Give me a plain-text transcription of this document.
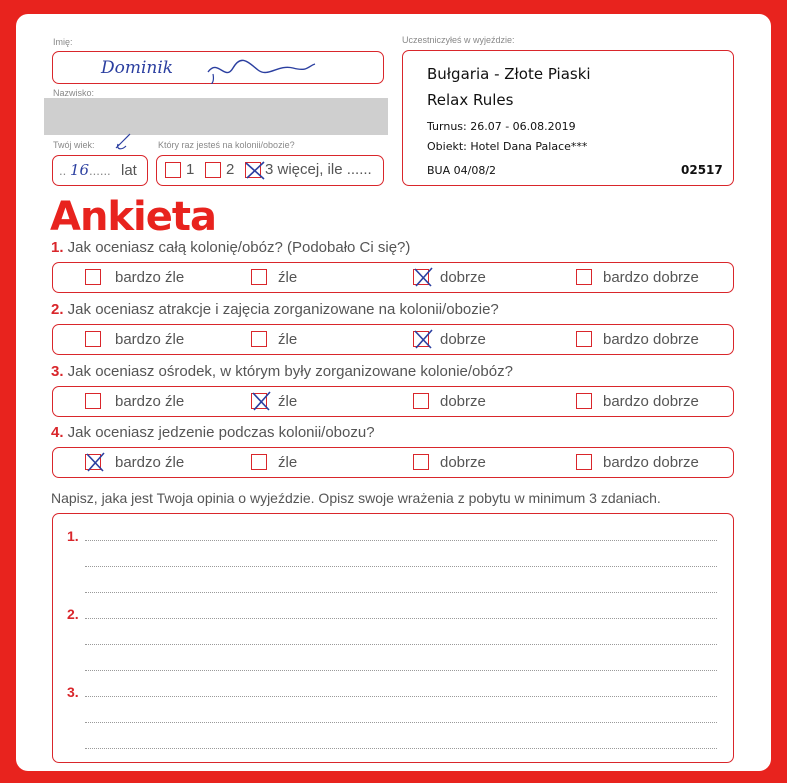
Imię:
Dominik
Nazwisko:
Twój wiek:
.. 16 ...... lat
Który raz jesteś na kolonii/obozie?
1 2 3 więcej, ile ......
Uczestniczyłeś w wyjeździe:
Bułgaria - Złote Piaski
Relax Rules
Turnus: 26.07 - 06.08.2019
Obiekt: Hotel Dana Palace***
BUA 04/08/2	02517
Ankieta
1. Jak oceniasz całą kolonię/obóz? (Podobało Ci się?)
bardzo źle	źle	dobrze	bardzo dobrze
2. Jak oceniasz atrakcje i zajęcia zorganizowane na kolonii/obozie?
bardzo źle	źle	dobrze	bardzo dobrze
3. Jak oceniasz ośrodek, w którym były zorganizowane kolonie/obóz?
bardzo źle	źle	dobrze	bardzo dobrze
4. Jak oceniasz jedzenie podczas kolonii/obozu?
bardzo źle	źle	dobrze	bardzo dobrze
Napisz, jaka jest Twoja opinia o wyjeździe. Opisz swoje wrażenia z pobytu w minimum 3 zdaniach.
1.
2.
3.
